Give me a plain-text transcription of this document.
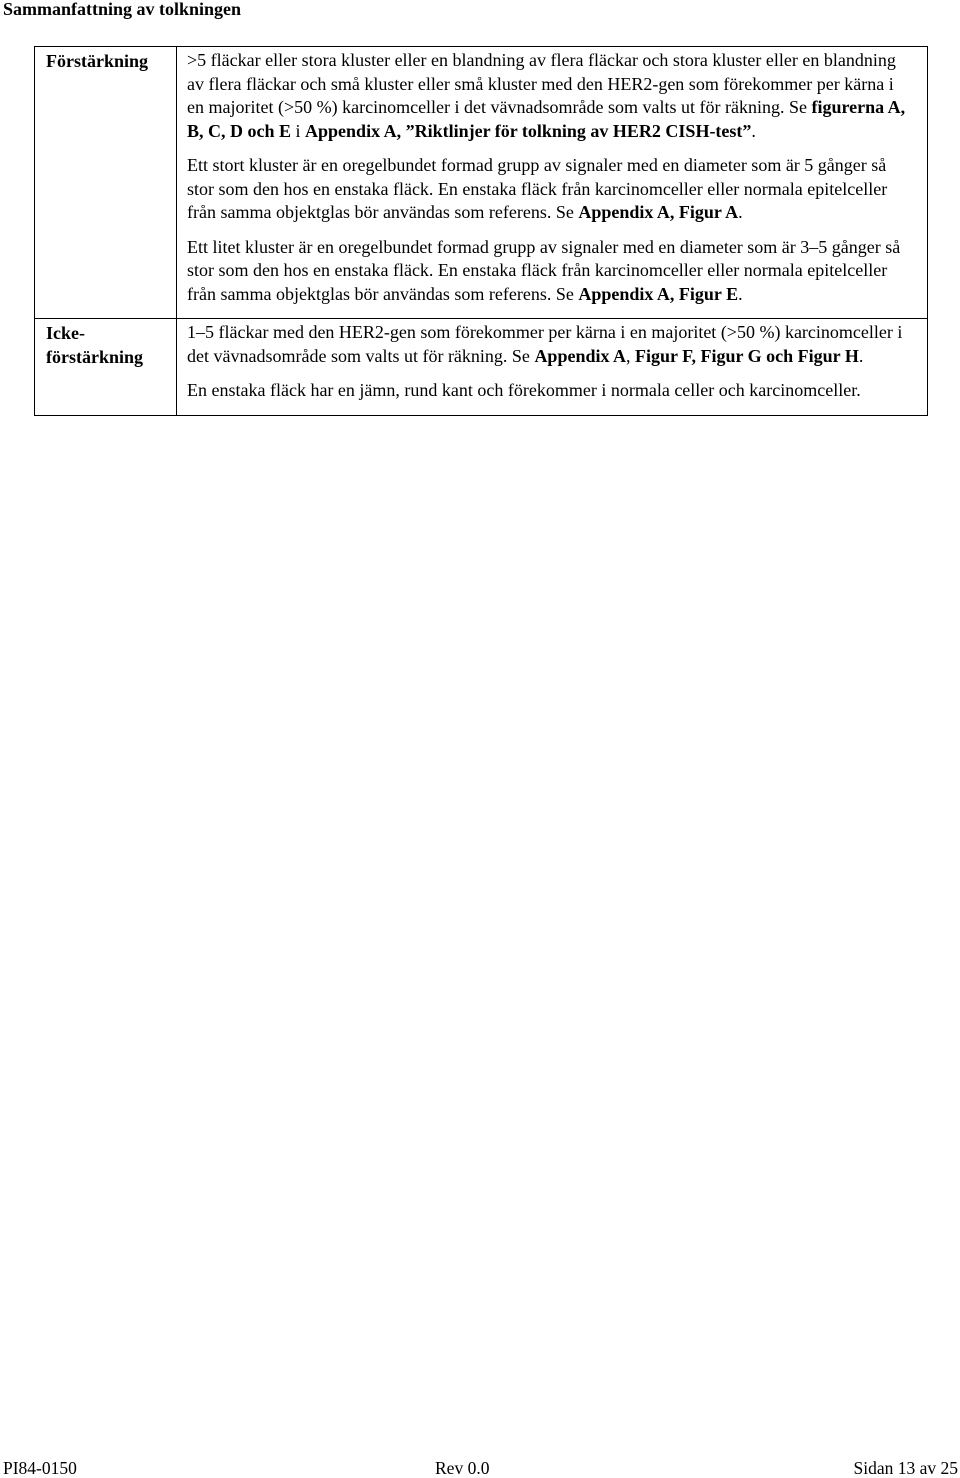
Sammanfattning av tolkningen
Förstärkning	>5 fläckar eller stora kluster eller en blandning av flera fläckar och stora kluster eller en blandning av flera fläckar och små kluster eller små kluster med den HER2-gen som förekommer per kärna i en majoritet (>50 %) karcinomceller i det vävnadsområde som valts ut för räkning. Se figurerna A, B, C, D och E i Appendix A, ”Riktlinjer för tolkning av HER2 CISH-test”.

Ett stort kluster är en oregelbundet formad grupp av signaler med en diameter som är 5 gånger så stor som den hos en enstaka fläck. En enstaka fläck från karcinomceller eller normala epitelceller från samma objektglas bör användas som referens. Se Appendix A, Figur A.

Ett litet kluster är en oregelbundet formad grupp av signaler med en diameter som är 3–5 gånger så stor som den hos en enstaka fläck. En enstaka fläck från karcinomceller eller normala epitelceller från samma objektglas bör användas som referens. Se Appendix A, Figur E.

Icke-förstärkning	1–5 fläckar med den HER2-gen som förekommer per kärna i en majoritet (>50 %) karcinomceller i det vävnadsområde som valts ut för räkning. Se Appendix A, Figur F, Figur G och Figur H.

En enstaka fläck har en jämn, rund kant och förekommer i normala celler och karcinomceller.

PI84-0150	Rev 0.0	Sidan 13 av 25
